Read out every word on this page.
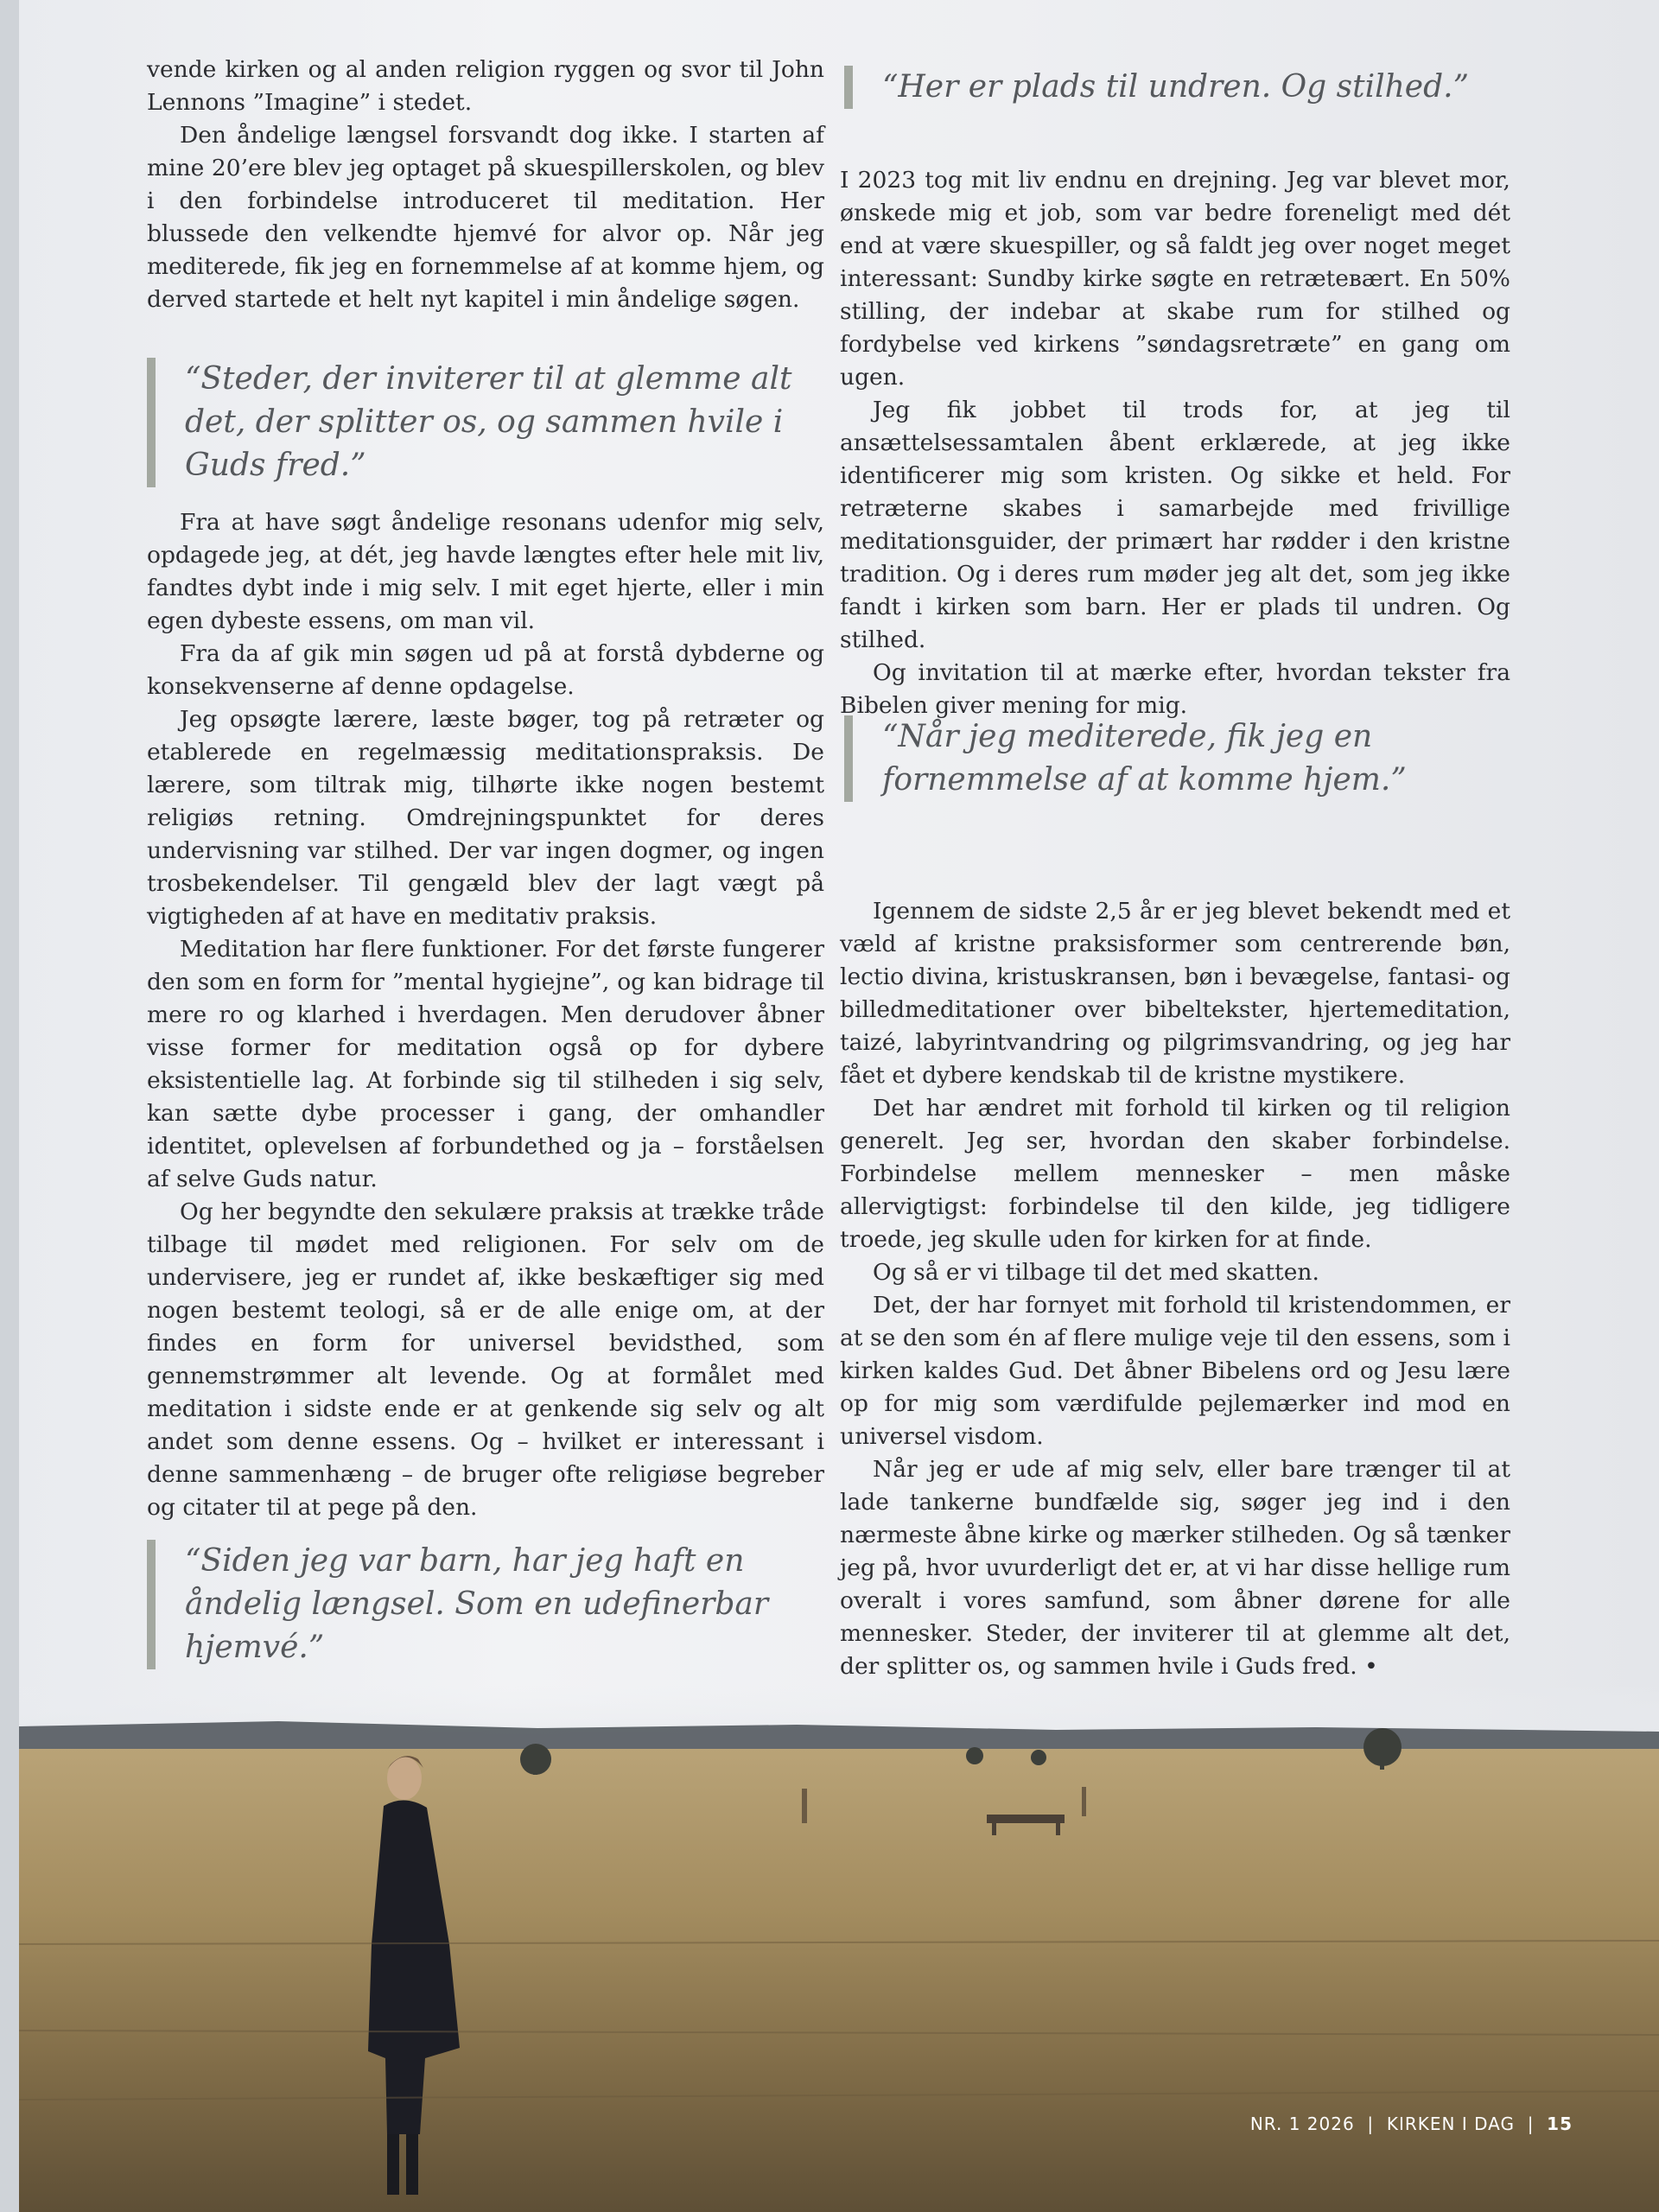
vende kirken og al anden religion ryggen og svor til John Lennons ”Imagine” i stedet.

Den åndelige længsel forsvandt dog ikke. I starten af mine 20’ere blev jeg optaget på skuespillerskolen, og blev i den forbindelse introduceret til meditation. Her blussede den velkendte hjemvé for alvor op. Når jeg mediterede, fik jeg en fornemmelse af at komme hjem, og derved startede et helt nyt kapitel i min åndelige søgen.

Fra at have søgt åndelige resonans udenfor mig selv, opdagede jeg, at dét, jeg havde længtes efter hele mit liv, fandtes dybt inde i mig selv. I mit eget hjerte, eller i min egen dybeste essens, om man vil.

Fra da af gik min søgen ud på at forstå dybderne og konsekvenserne af denne opdagelse.

Jeg opsøgte lærere, læste bøger, tog på retræter og etablerede en regelmæssig meditationspraksis. De lærere, som tiltrak mig, tilhørte ikke nogen bestemt religiøs retning. Omdrejningspunktet for deres undervisning var stilhed. Der var ingen dogmer, og ingen trosbekendelser. Til gengæld blev der lagt vægt på vigtigheden af at have en meditativ praksis.

Meditation har flere funktioner. For det første fungerer den som en form for ”mental hygiejne”, og kan bidrage til mere ro og klarhed i hverdagen. Men derudover åbner visse former for meditation også op for dybere eksistentielle lag. At forbinde sig til stilheden i sig selv, kan sætte dybe processer i gang, der omhandler identitet, oplevelsen af forbundethed og ja – forståelsen af selve Guds natur.

Og her begyndte den sekulære praksis at trække tråde tilbage til mødet med religionen. For selv om de undervisere, jeg er rundet af, ikke beskæftiger sig med nogen bestemt teologi, så er de alle enige om, at der findes en form for universel bevidsthed, som gennemstrømmer alt levende. Og at formålet med meditation i sidste ende er at genkende sig selv og alt andet som denne essens. Og – hvilket er interessant i denne sammenhæng – de bruger ofte religiøse begreber og citater til at pege på den.

“Steder, der inviterer til at glemme alt det, der splitter os, og sammen hvile i Guds fred.”
“Siden jeg var barn, har jeg haft en åndelig længsel. Som en udefinerbar hjemvé.”
“Her er plads til undren. Og stilhed.”
“Når jeg mediterede, fik jeg en fornemmelse af at komme hjem.”

I 2023 tog mit liv endnu en drejning. Jeg var blevet mor, ønskede mig et job, som var bedre foreneligt med dét end at være skuespiller, og så faldt jeg over noget meget interessant: Sundby kirke søgte en retræteвært. En 50% stilling, der indebar at skabe rum for stilhed og fordybelse ved kirkens ”søndagsretræte” en gang om ugen.

Jeg fik jobbet til trods for, at jeg til ansættelsessamtalen åbent erklærede, at jeg ikke identificerer mig som kristen. Og sikke et held. For retræterne skabes i samarbejde med frivillige meditationsguider, der primært har rødder i den kristne tradition. Og i deres rum møder jeg alt det, som jeg ikke fandt i kirken som barn. Her er plads til undren. Og stilhed.

Og invitation til at mærke efter, hvordan tekster fra Bibelen giver mening for mig.

Igennem de sidste 2,5 år er jeg blevet bekendt med et væld af kristne praksisformer som centrerende bøn, lectio divina, kristuskransen, bøn i bevægelse, fantasi- og billedmeditationer over bibeltekster, hjertemeditation, taizé, labyrintvandring og pilgrimsvandring, og jeg har fået et dybere kendskab til de kristne mystikere.

Det har ændret mit forhold til kirken og til religion generelt. Jeg ser, hvordan den skaber forbindelse. Forbindelse mellem mennesker – men måske allervigtigst: forbindelse til den kilde, jeg tidligere troede, jeg skulle uden for kirken for at finde.

Og så er vi tilbage til det med skatten.

Det, der har fornyet mit forhold til kristendommen, er at se den som én af flere mulige veje til den essens, som i kirken kaldes Gud. Det åbner Bibelens ord og Jesu lære op for mig som værdifulde pejlemærker ind mod en universel visdom.

Når jeg er ude af mig selv, eller bare trænger til at lade tankerne bundfælde sig, søger jeg ind i den nærmeste åbne kirke og mærker stilheden. Og så tænker jeg på, hvor uvurderligt det er, at vi har disse hellige rum overalt i vores samfund, som åbner dørene for alle mennesker. Steder, der inviterer til at glemme alt det, der splitter os, og sammen hvile i Guds fred. •

NR. 1 2026  |  KIRKEN I DAG  |  15
